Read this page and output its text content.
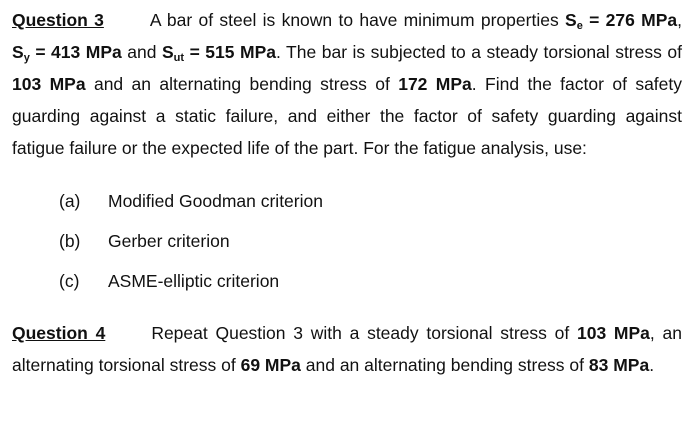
Question 3	A bar of steel is known to have minimum properties $S_e = 276$ MPa, $S_y = 413$ MPa and $S_{ut} = 515$ MPa. The bar is subjected to a steady torsional stress of 103 MPa and an alternating bending stress of 172 MPa. Find the factor of safety guarding against a static failure, and either the factor of safety guarding against fatigue failure or the expected life of the part. For the fatigue analysis, use:

(a) Modified Goodman criterion
(b) Gerber criterion
(c) ASME-elliptic criterion

Question 4	Repeat Question 3 with a steady torsional stress of 103 MPa, an alternating torsional stress of 69 MPa and an alternating bending stress of 83 MPa.
